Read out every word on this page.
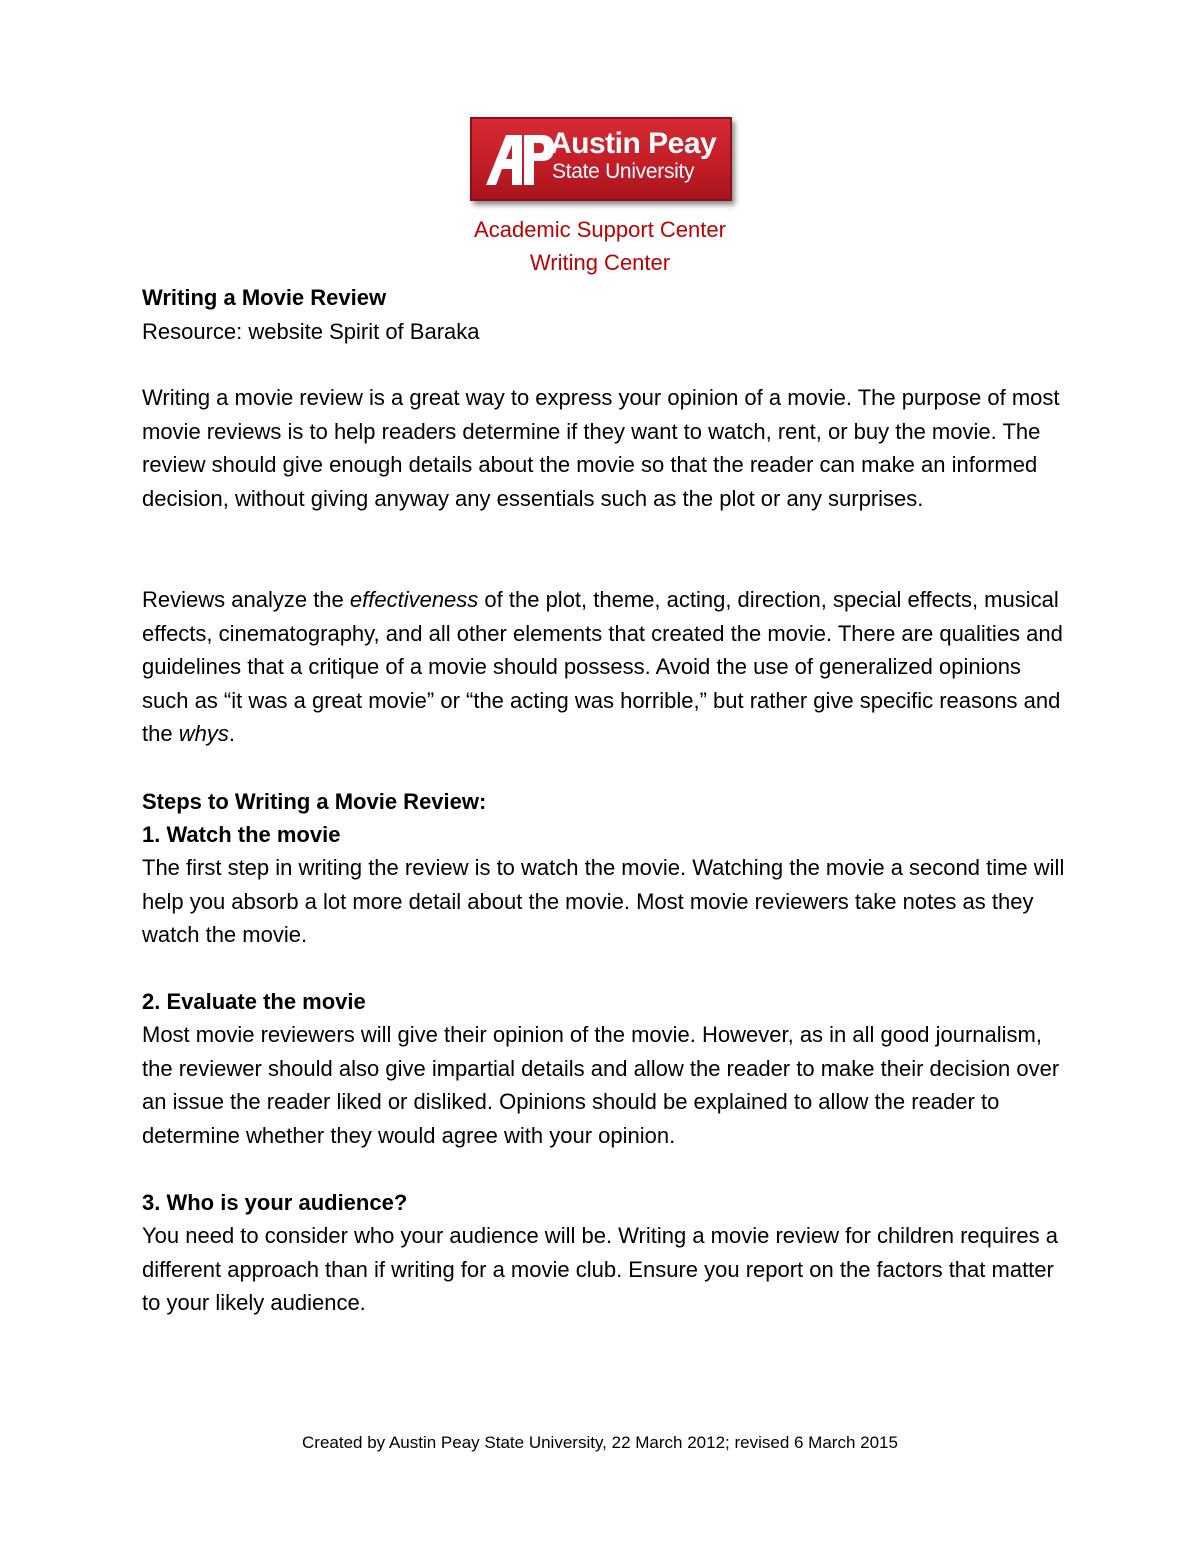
Austin Peay
State University
Academic Support Center
Writing Center
Writing a Movie Review
Resource: website Spirit of Baraka

Writing a movie review is a great way to express your opinion of a movie. The purpose of most movie reviews is to help readers determine if they want to watch, rent, or buy the movie. The review should give enough details about the movie so that the reader can make an informed decision, without giving anyway any essentials such as the plot or any surprises.

Reviews analyze the effectiveness of the plot, theme, acting, direction, special effects, musical effects, cinematography, and all other elements that created the movie. There are qualities and guidelines that a critique of a movie should possess. Avoid the use of generalized opinions such as “it was a great movie” or “the acting was horrible,” but rather give specific reasons and the whys.

Steps to Writing a Movie Review:
1. Watch the movie

The first step in writing the review is to watch the movie. Watching the movie a second time will help you absorb a lot more detail about the movie. Most movie reviewers take notes as they watch the movie.

2. Evaluate the movie

Most movie reviewers will give their opinion of the movie. However, as in all good journalism, the reviewer should also give impartial details and allow the reader to make their decision over an issue the reader liked or disliked. Opinions should be explained to allow the reader to determine whether they would agree with your opinion.

3. Who is your audience?

You need to consider who your audience will be. Writing a movie review for children requires a different approach than if writing for a movie club. Ensure you report on the factors that matter to your likely audience.

Created by Austin Peay State University, 22 March 2012; revised 6 March 2015
